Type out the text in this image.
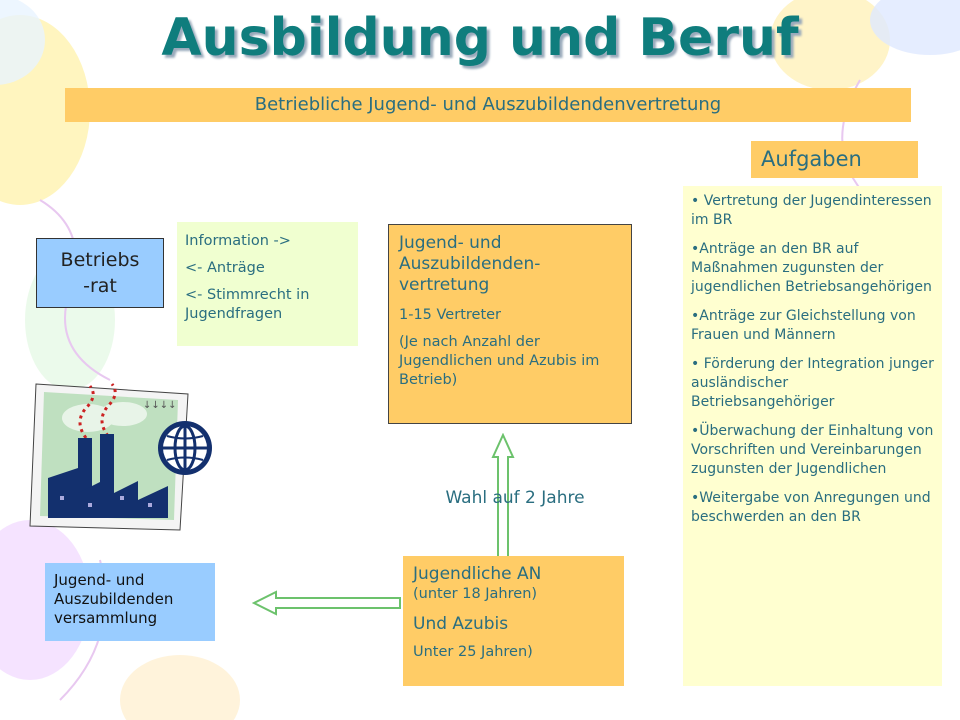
Ausbildung und Beruf
Betriebliche Jugend- und Auszubildendenvertretung
Aufgaben
Betriebs
-rat

Information ->

<- Anträge

<- Stimmrecht in Jugendfragen

Jugend- und Auszubildenden-vertretung

1-15 Vertreter

(Je nach Anzahl der Jugendlichen und Azubis im Betrieb)

• Vertretung der Jugendinteressen im BR

•Anträge an den BR auf Maßnahmen zugunsten der jugendlichen Betriebsangehörigen

•Anträge zur Gleichstellung von Frauen und Männern

• Förderung der Integration junger ausländischer Betriebsangehöriger

•Überwachung der Einhaltung von Vorschriften und Vereinbarungen zugunsten der Jugendlichen

•Weitergabe von Anregungen und beschwerden an den BR

Wahl auf 2 Jahre

Jugendliche AN

(unter 18 Jahren)

Und Azubis

Unter 25 Jahren)

Jugend- und
Auszubildenden
versammlung
↓↓↓↓
